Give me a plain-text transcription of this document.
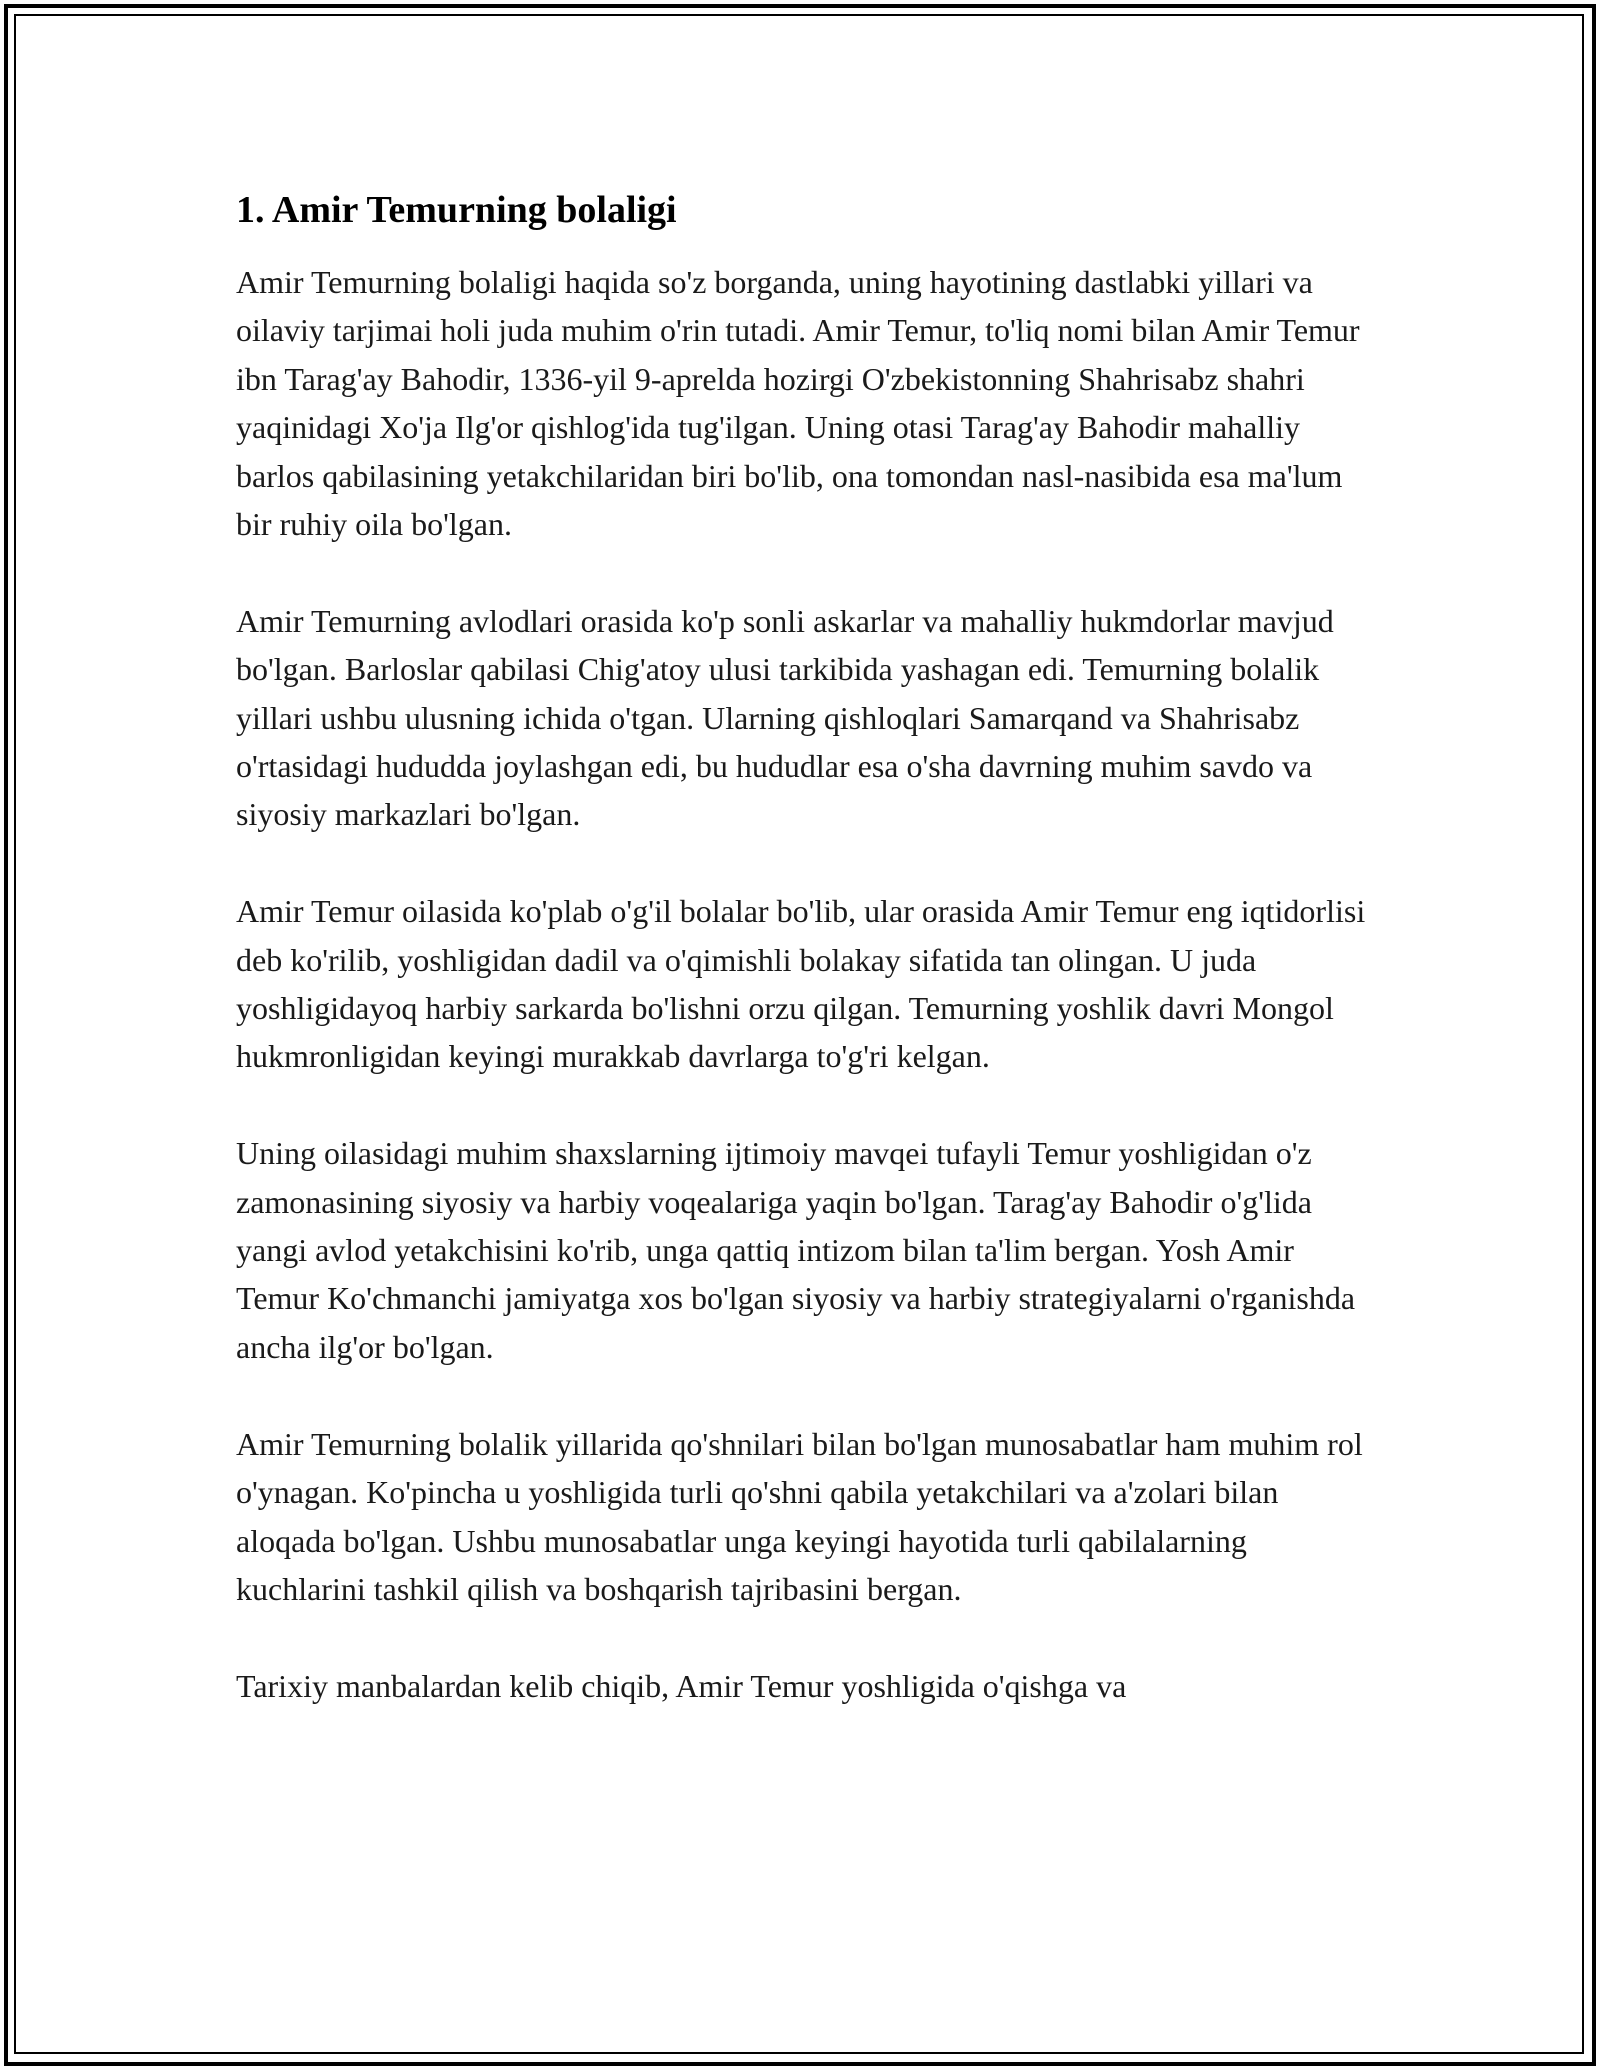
1. Amir Temurning bolaligi

Amir Temurning bolaligi haqida so'z borganda, uning hayotining dastlabki yillari va oilaviy tarjimai holi juda muhim o'rin tutadi. Amir Temur, to'liq nomi bilan Amir Temur ibn Tarag'ay Bahodir, 1336-yil 9-aprelda hozirgi O'zbekistonning Shahrisabz shahri yaqinidagi Xo'ja Ilg'or qishlog'ida tug'ilgan. Uning otasi Tarag'ay Bahodir mahalliy barlos qabilasining yetakchilaridan biri bo'lib, ona tomondan nasl-nasibida esa ma'lum bir ruhiy oila bo'lgan.

Amir Temurning avlodlari orasida ko'p sonli askarlar va mahalliy hukmdorlar mavjud bo'lgan. Barloslar qabilasi Chig'atoy ulusi tarkibida yashagan edi. Temurning bolalik yillari ushbu ulusning ichida o'tgan. Ularning qishloqlari Samarqand va Shahrisabz o'rtasidagi hududda joylashgan edi, bu hududlar esa o'sha davrning muhim savdo va siyosiy markazlari bo'lgan.

Amir Temur oilasida ko'plab o'g'il bolalar bo'lib, ular orasida Amir Temur eng iqtidorlisi deb ko'rilib, yoshligidan dadil va o'qimishli bolakay sifatida tan olingan. U juda yoshligidayoq harbiy sarkarda bo'lishni orzu qilgan. Temurning yoshlik davri Mongol hukmronligidan keyingi murakkab davrlarga to'g'ri kelgan.

Uning oilasidagi muhim shaxslarning ijtimoiy mavqei tufayli Temur yoshligidan o'z zamonasining siyosiy va harbiy voqealariga yaqin bo'lgan. Tarag'ay Bahodir o'g'lida yangi avlod yetakchisini ko'rib, unga qattiq intizom bilan ta'lim bergan. Yosh Amir Temur Ko'chmanchi jamiyatga xos bo'lgan siyosiy va harbiy strategiyalarni o'rganishda ancha ilg'or bo'lgan.

Amir Temurning bolalik yillarida qo'shnilari bilan bo'lgan munosabatlar ham muhim rol o'ynagan. Ko'pincha u yoshligida turli qo'shni qabila yetakchilari va a'zolari bilan aloqada bo'lgan. Ushbu munosabatlar unga keyingi hayotida turli qabilalarning kuchlarini tashkil qilish va boshqarish tajribasini bergan.

Tarixiy manbalardan kelib chiqib, Amir Temur yoshligida o'qishga va
